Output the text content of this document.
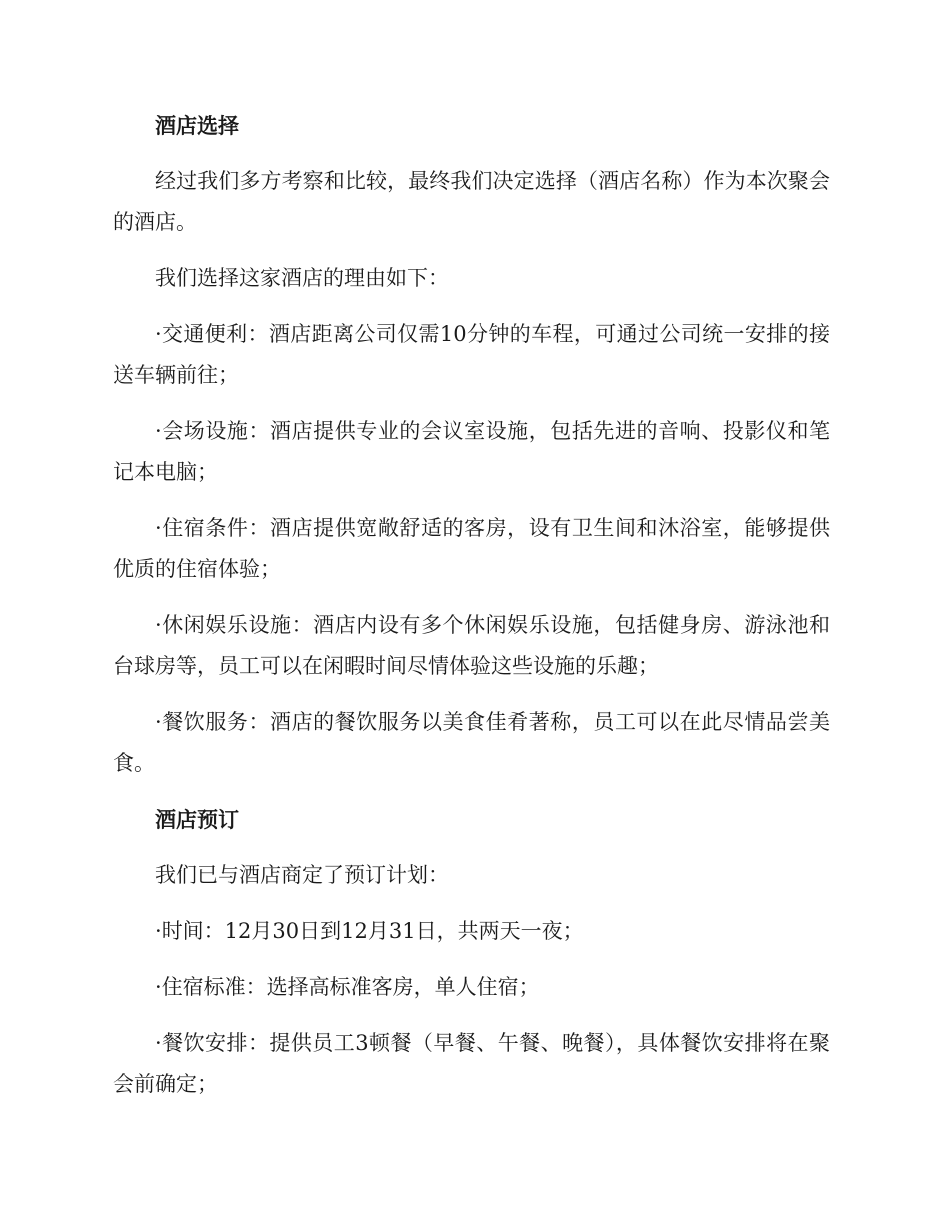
酒店选择
经过我们多方考察和比较，最终我们决定选择（酒店名称）作为本次聚会的酒店。
我们选择这家酒店的理由如下：
·交通便利：酒店距离公司仅需10分钟的车程，可通过公司统一安排的接送车辆前往；
·会场设施：酒店提供专业的会议室设施，包括先进的音响、投影仪和笔记本电脑；
·住宿条件：酒店提供宽敞舒适的客房，设有卫生间和沐浴室，能够提供优质的住宿体验；
·休闲娱乐设施：酒店内设有多个休闲娱乐设施，包括健身房、游泳池和台球房等，员工可以在闲暇时间尽情体验这些设施的乐趣；
·餐饮服务：酒店的餐饮服务以美食佳肴著称，员工可以在此尽情品尝美食。
酒店预订
我们已与酒店商定了预订计划：
·时间：12月30日到12月31日，共两天一夜；
·住宿标准：选择高标准客房，单人住宿；
·餐饮安排：提供员工3顿餐（早餐、午餐、晚餐），具体餐饮安排将在聚会前确定；
